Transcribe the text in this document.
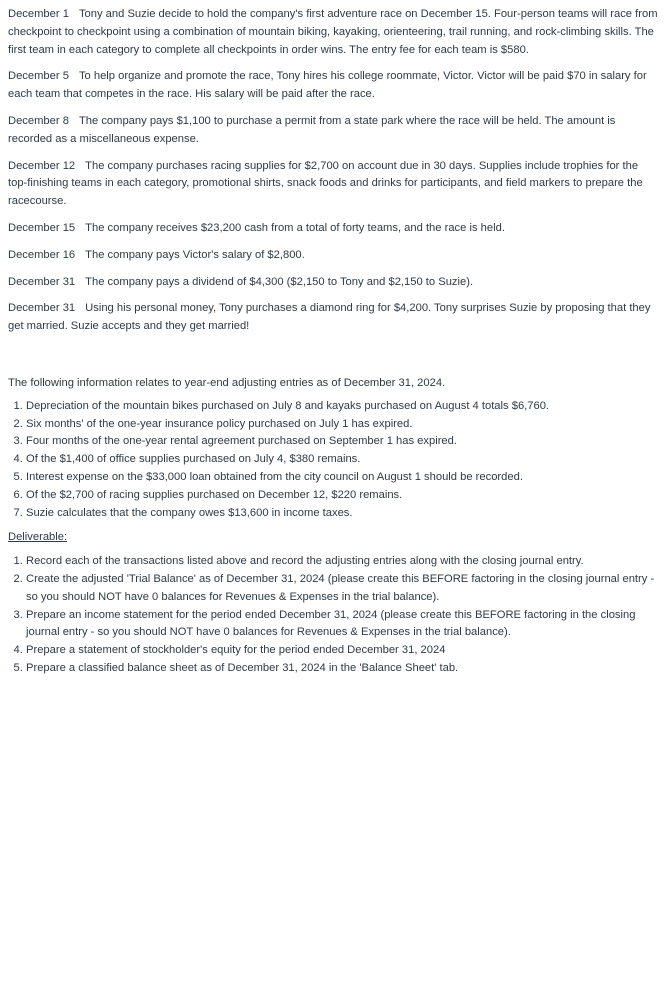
December 1 Tony and Suzie decide to hold the company's first adventure race on December 15. Four-person teams will race from checkpoint to checkpoint using a combination of mountain biking, kayaking, orienteering, trail running, and rock-climbing skills. The first team in each category to complete all checkpoints in order wins. The entry fee for each team is $580.

December 5 To help organize and promote the race, Tony hires his college roommate, Victor. Victor will be paid $70 in salary for each team that competes in the race. His salary will be paid after the race.

December 8 The company pays $1,100 to purchase a permit from a state park where the race will be held. The amount is recorded as a miscellaneous expense.

December 12 The company purchases racing supplies for $2,700 on account due in 30 days. Supplies include trophies for the top-finishing teams in each category, promotional shirts, snack foods and drinks for participants, and field markers to prepare the racecourse.

December 15 The company receives $23,200 cash from a total of forty teams, and the race is held.

December 16 The company pays Victor's salary of $2,800.

December 31 The company pays a dividend of $4,300 ($2,150 to Tony and $2,150 to Suzie).

December 31 Using his personal money, Tony purchases a diamond ring for $4,200. Tony surprises Suzie by proposing that they get married. Suzie accepts and they get married!

The following information relates to year-end adjusting entries as of December 31, 2024.

1. Depreciation of the mountain bikes purchased on July 8 and kayaks purchased on August 4 totals $6,760.
2. Six months' of the one-year insurance policy purchased on July 1 has expired.
3. Four months of the one-year rental agreement purchased on September 1 has expired.
4. Of the $1,400 of office supplies purchased on July 4, $380 remains.
5. Interest expense on the $33,000 loan obtained from the city council on August 1 should be recorded.
6. Of the $2,700 of racing supplies purchased on December 12, $220 remains.
7. Suzie calculates that the company owes $13,600 in income taxes.

Deliverable:

1. Record each of the transactions listed above and record the adjusting entries along with the closing journal entry.
2. Create the adjusted 'Trial Balance' as of December 31, 2024 (please create this BEFORE factoring in the closing journal entry - so you should NOT have 0 balances for Revenues & Expenses in the trial balance).
3. Prepare an income statement for the period ended December 31, 2024 (please create this BEFORE factoring in the closing journal entry - so you should NOT have 0 balances for Revenues & Expenses in the trial balance).
4. Prepare a statement of stockholder's equity for the period ended December 31, 2024
5. Prepare a classified balance sheet as of December 31, 2024 in the 'Balance Sheet' tab.
